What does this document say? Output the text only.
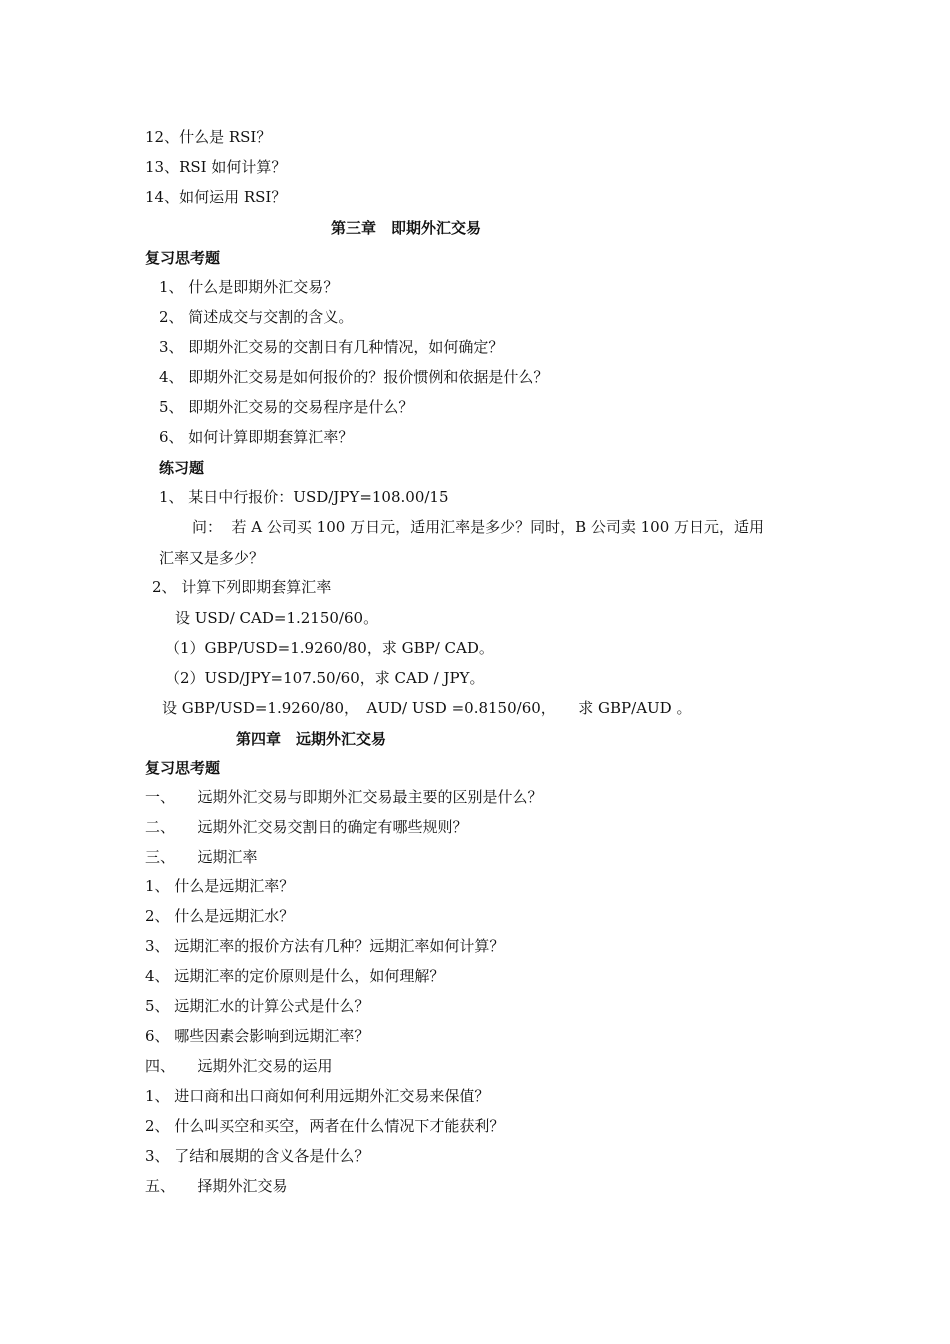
12、什么是 RSI？
13、RSI 如何计算？
14、如何运用 RSI？
第三章　即期外汇交易
复习思考题
1、 什么是即期外汇交易？
2、 简述成交与交割的含义。
3、 即期外汇交易的交割日有几种情况，如何确定？
4、 即期外汇交易是如何报价的？报价惯例和依据是什么？
5、 即期外汇交易的交易程序是什么？
6、 如何计算即期套算汇率？
练习题
1、 某日中行报价：USD/JPY=108.00/15
问：  若 A 公司买 100 万日元，适用汇率是多少？同时，B 公司卖 100 万日元，适用
汇率又是多少？
2、 计算下列即期套算汇率
设 USD/ CAD=1.2150/60。
（1）GBP/USD=1.9260/80，求 GBP/ CAD。
（2）USD/JPY=107.50/60，求 CAD / JPY。
设 GBP/USD=1.9260/80，　AUD/ USD =0.8150/60，　　求 GBP/AUD 。
第四章　远期外汇交易
复习思考题
一、　　远期外汇交易与即期外汇交易最主要的区别是什么？
二、　　远期外汇交易交割日的确定有哪些规则？
三、　　远期汇率
1、 什么是远期汇率？
2、 什么是远期汇水？
3、 远期汇率的报价方法有几种？远期汇率如何计算？
4、 远期汇率的定价原则是什么，如何理解？
5、 远期汇水的计算公式是什么？
6、 哪些因素会影响到远期汇率？
四、　　远期外汇交易的运用
1、 进口商和出口商如何利用远期外汇交易来保值？
2、 什么叫买空和买空，两者在什么情况下才能获利？
3、 了结和展期的含义各是什么？
五、　　择期外汇交易
